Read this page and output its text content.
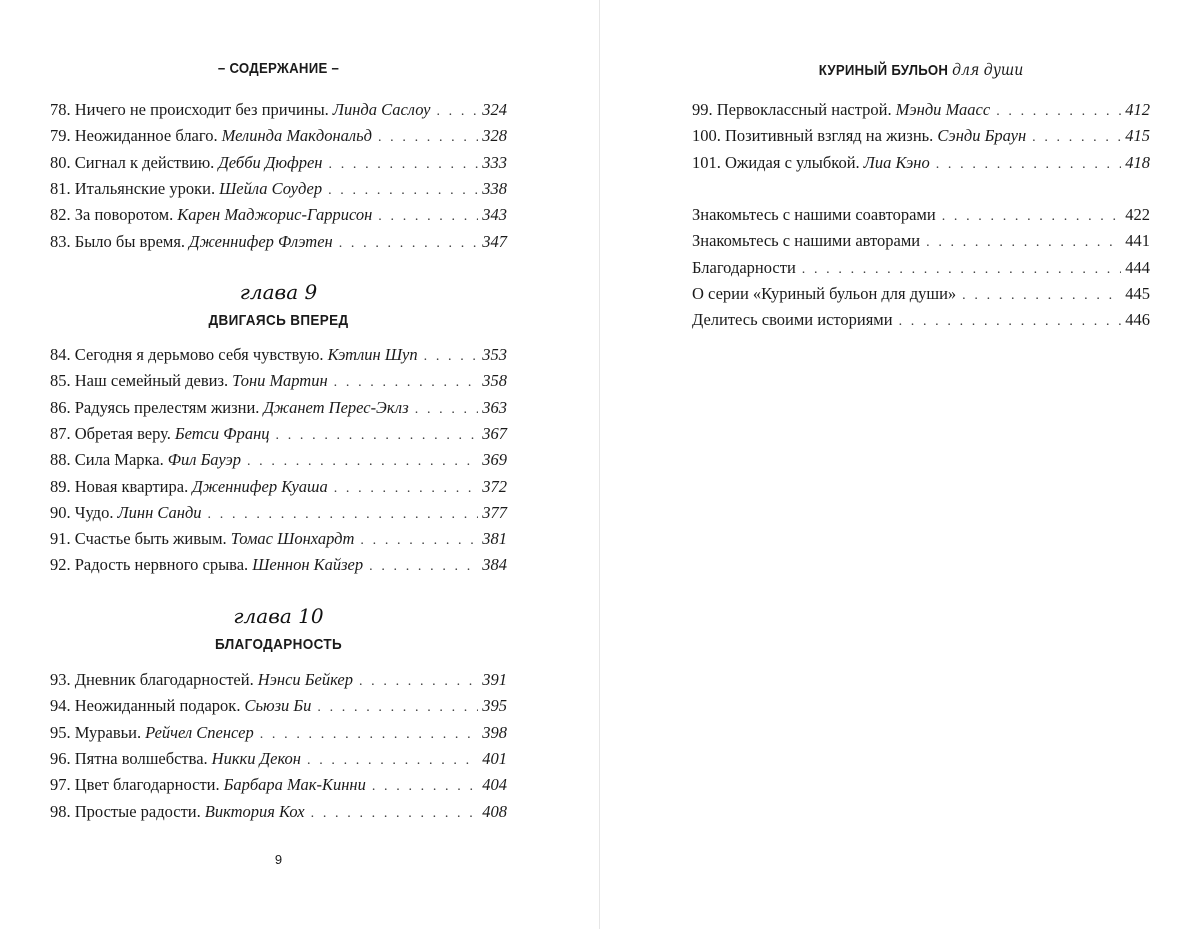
– СОДЕРЖАНИЕ –
78. Ничего не происходит без причины. Линда Саслоу . . .	324
79. Неожиданное благо. Мелинда Макдональд . . .	328
80. Сигнал к действию. Дебби Дюфрен . . .	333
81. Итальянские уроки. Шейла Соудер . . .	338
82. За поворотом. Карен Маджорис-Гаррисон . . .	343
83. Было бы время. Дженнифер Флэтен . . .	347
глава 9
ДВИГАЯСЬ ВПЕРЕД
84. Сегодня я дерьмово себя чувствую. Кэтлин Шуп . . .	353
85. Наш семейный девиз. Тони Мартин . . .	358
86. Радуясь прелестям жизни. Джанет Перес-Эклз . . .	363
87. Обретая веру. Бетси Франц . . .	367
88. Сила Марка. Фил Бауэр . . .	369
89. Новая квартира. Дженнифер Куаша . . .	372
90. Чудо. Линн Санди . . .	377
91. Счастье быть живым. Томас Шонхардт . . .	381
92. Радость нервного срыва. Шеннон Кайзер . . .	384
глава 10
БЛАГОДАРНОСТЬ
93. Дневник благодарностей. Нэнси Бейкер . . .	391
94. Неожиданный подарок. Сьюзи Би . . .	395
95. Муравьи. Рейчел Спенсер . . .	398
96. Пятна волшебства. Никки Декон . . .	401
97. Цвет благодарности. Барбара Мак-Кинни . . .	404
98. Простые радости. Виктория Кох . . .	408
9
КУРИНЫЙ БУЛЬОН для души
99. Первоклассный настрой. Мэнди Маасс . . .	412
100. Позитивный взгляд на жизнь. Сэнди Браун . . .	415
101. Ожидая с улыбкой. Лиа Кэно . . .	418
Знакомьтесь с нашими соавторами . . .	422
Знакомьтесь с нашими авторами . . .	441
Благодарности . . .	444
О серии «Куриный бульон для души» . . .	445
Делитесь своими историями . . .	446
